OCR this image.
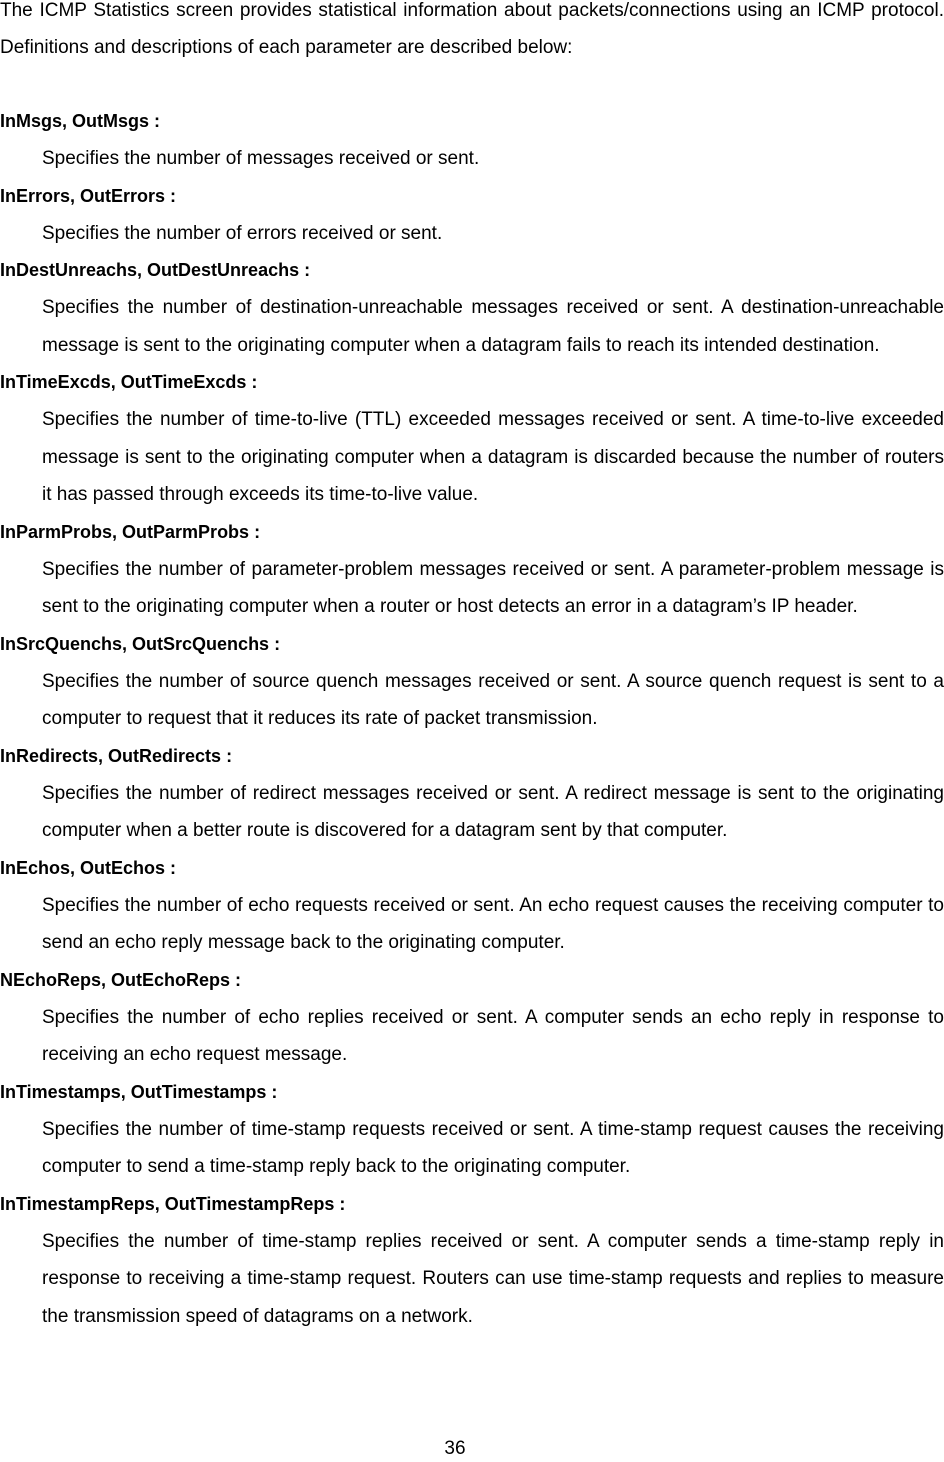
The ICMP Statistics screen provides statistical information about packets/connections using an ICMP protocol. Definitions and descriptions of each parameter are described below:

InMsgs, OutMsgs :

Specifies the number of messages received or sent.

InErrors, OutErrors :

Specifies the number of errors received or sent.

InDestUnreachs, OutDestUnreachs :

Specifies the number of destination-unreachable messages received or sent. A destination-unreachable message is sent to the originating computer when a datagram fails to reach its intended destination.

InTimeExcds, OutTimeExcds :

Specifies the number of time-to-live (TTL) exceeded messages received or sent. A time-to-live exceeded message is sent to the originating computer when a datagram is discarded because the number of routers it has passed through exceeds its time-to-live value.

InParmProbs, OutParmProbs :

Specifies the number of parameter-problem messages received or sent. A parameter-problem message is sent to the originating computer when a router or host detects an error in a datagram’s IP header.

InSrcQuenchs, OutSrcQuenchs :

Specifies the number of source quench messages received or sent. A source quench request is sent to a computer to request that it reduces its rate of packet transmission.

InRedirects, OutRedirects :

Specifies the number of redirect messages received or sent. A redirect message is sent to the originating computer when a better route is discovered for a datagram sent by that computer.

InEchos, OutEchos :

Specifies the number of echo requests received or sent. An echo request causes the receiving computer to send an echo reply message back to the originating computer.

NEchoReps, OutEchoReps :

Specifies the number of echo replies received or sent. A computer sends an echo reply in response to receiving an echo request message.

InTimestamps, OutTimestamps :

Specifies the number of time-stamp requests received or sent. A time-stamp request causes the receiving computer to send a time-stamp reply back to the originating computer.

InTimestampReps, OutTimestampReps :

Specifies the number of time-stamp replies received or sent. A computer sends a time-stamp reply in response to receiving a time-stamp request. Routers can use time-stamp requests and replies to measure the transmission speed of datagrams on a network.

36
